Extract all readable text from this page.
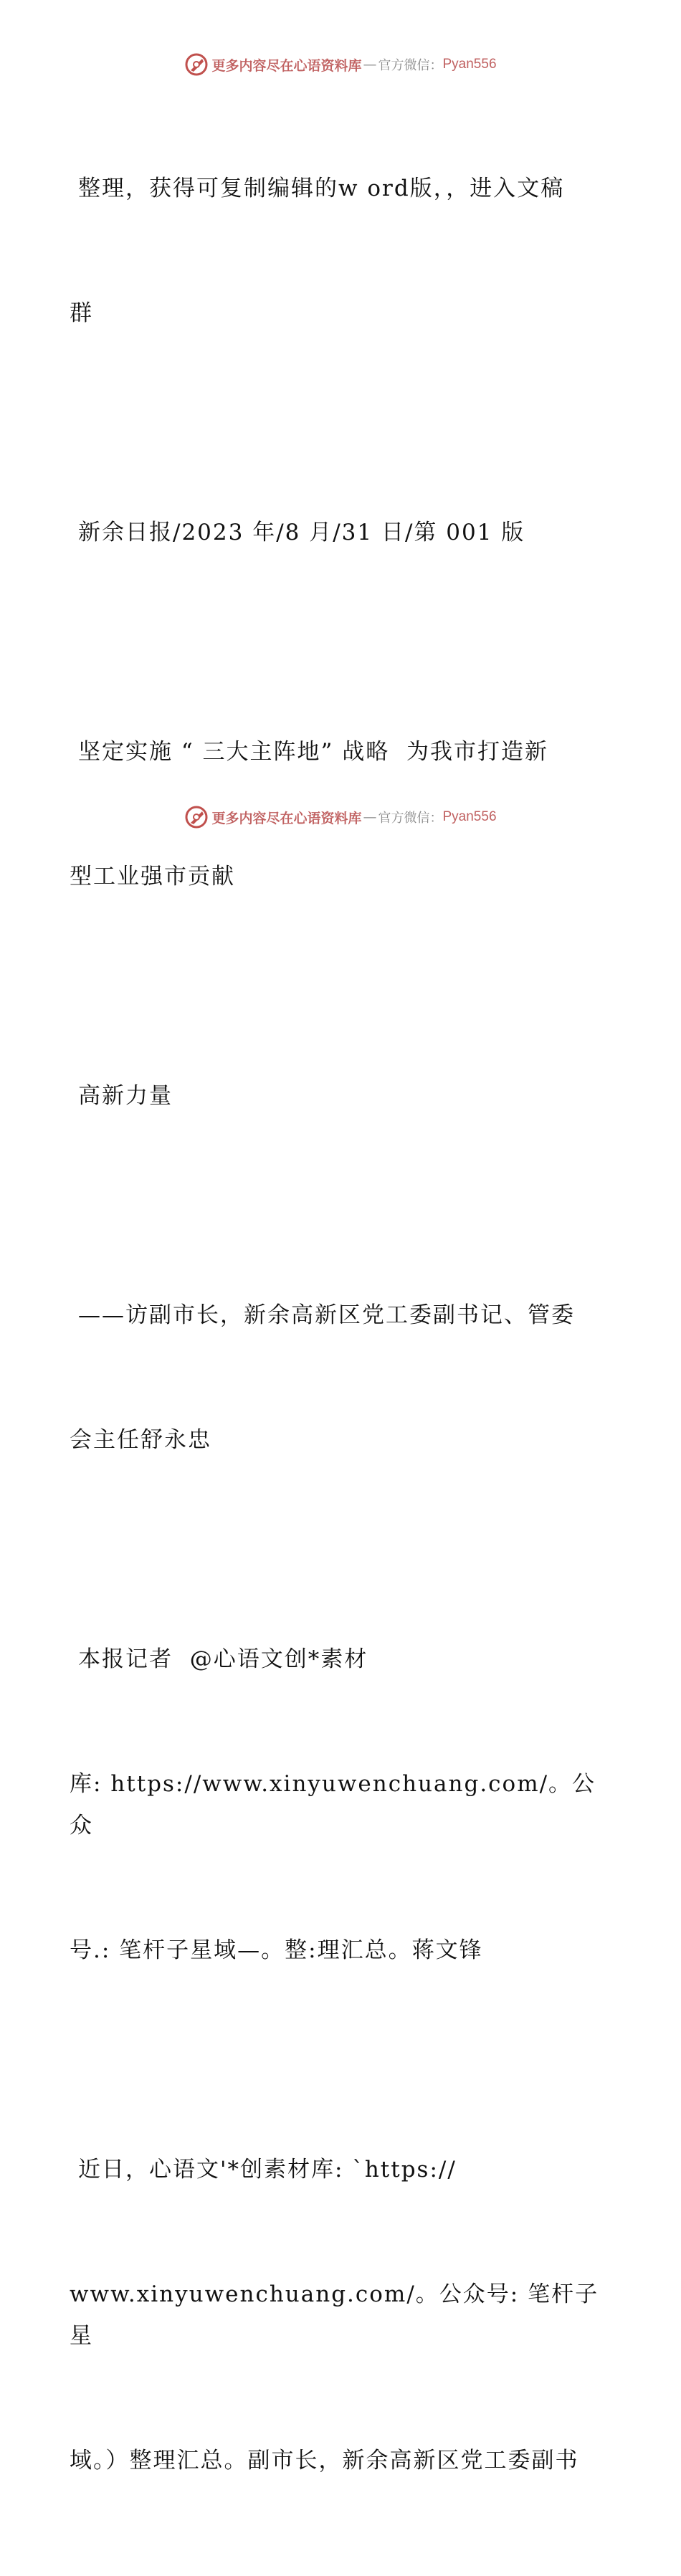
更多内容尽在心语资料库 — 官方微信： Pyan556

整理，获得可复制编辑的w ord版，，进入文稿

群

新余日报/2023 年/8 月/31 日/第 001 版

坚定实施 “ 三大主阵地” 战略  为我市打造新

型工业强市贡献

高新力量

——访副市长，新余高新区党工委副书记、管委

会主任舒永忠

本报记者  @心语文创*素材

库: https://www.xinyuwenchuang.com/。公众

号.: 笔杆子星域—。整:理汇总。蒋文锋

近日，心语文'*创素材库: `https://

www.xinyuwenchuang.com/。公众号: 笔杆子星

域。）整理汇总。副市长，新余高新区党工委副书

更多内容尽在心语资料库 — 官方微信： Pyan556
